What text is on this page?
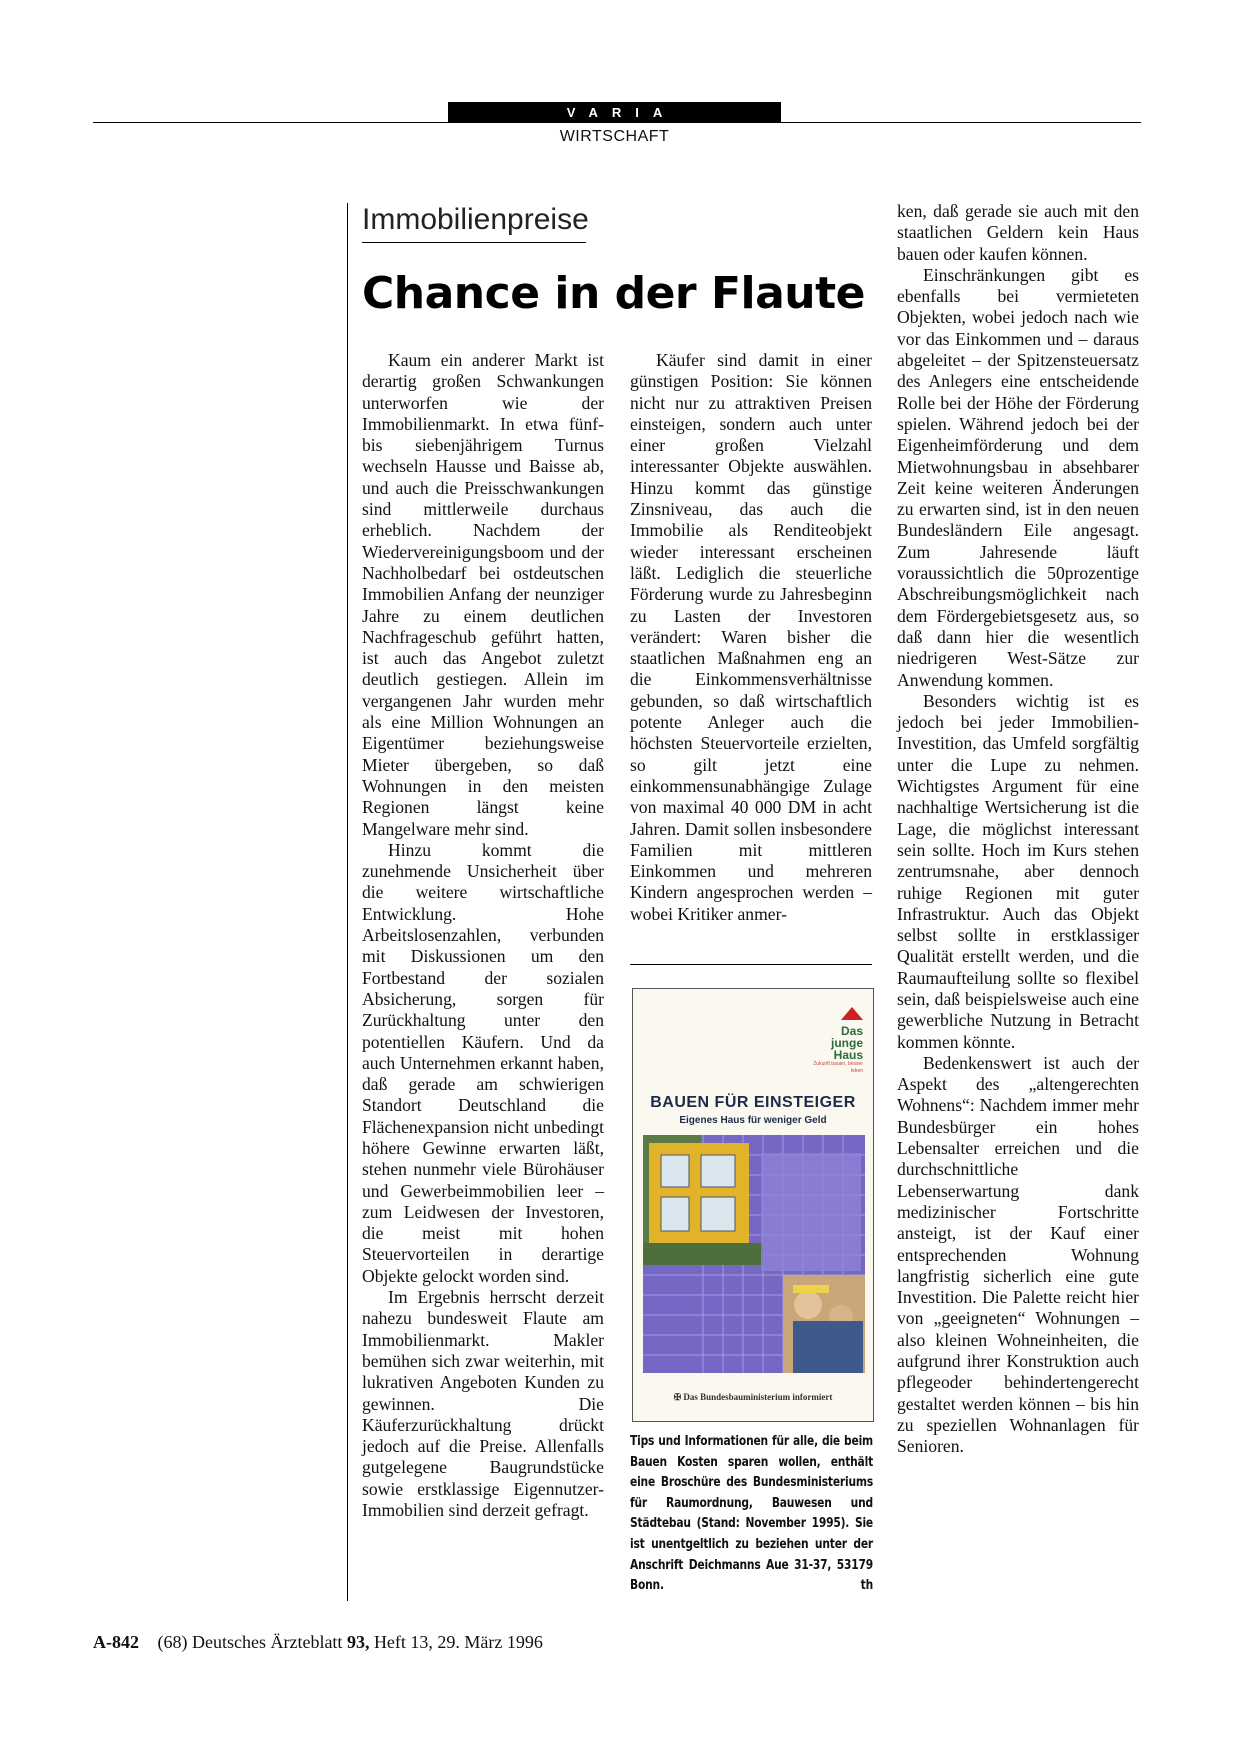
VARIA
WIRTSCHAFT
Immobilienpreise
Chance in der Flaute

Kaum ein anderer Markt ist derartig großen Schwankungen unterworfen wie der Immobilienmarkt. In etwa fünf- bis siebenjährigem Turnus wechseln Hausse und Baisse ab, und auch die Preisschwankungen sind mittlerweile durchaus erheblich. Nachdem der Wiedervereinigungsboom und der Nachholbedarf bei ostdeutschen Immobilien Anfang der neunziger Jahre zu einem deutlichen Nachfrageschub geführt hatten, ist auch das Angebot zuletzt deutlich gestiegen. Allein im vergangenen Jahr wurden mehr als eine Million Wohnungen an Eigentümer beziehungsweise Mieter übergeben, so daß Wohnungen in den meisten Regionen längst keine Mangelware mehr sind.

Hinzu kommt die zunehmende Unsicherheit über die weitere wirtschaftliche Entwicklung. Hohe Arbeitslosenzahlen, verbunden mit Diskussionen um den Fortbestand der sozialen Absicherung, sorgen für Zurückhaltung unter den potentiellen Käufern. Und da auch Unternehmen erkannt haben, daß gerade am schwierigen Standort Deutschland die Flächenexpansion nicht unbedingt höhere Gewinne erwarten läßt, stehen nunmehr viele Bürohäuser und Gewerbeimmobilien leer – zum Leidwesen der Investoren, die meist mit hohen Steuervorteilen in derartige Objekte gelockt worden sind.

Im Ergebnis herrscht derzeit nahezu bundesweit Flaute am Immobilienmarkt. Makler bemühen sich zwar weiterhin, mit lukrativen Angeboten Kunden zu gewinnen. Die Käuferzurückhaltung drückt jedoch auf die Preise. Allenfalls gutgelegene Baugrundstücke sowie erstklassige Eigennutzer-Immobilien sind derzeit gefragt.

Käufer sind damit in einer günstigen Position: Sie können nicht nur zu attraktiven Preisen einsteigen, sondern auch unter einer großen Vielzahl interessanter Objekte auswählen. Hinzu kommt das günstige Zinsniveau, das auch die Immobilie als Renditeobjekt wieder interessant erscheinen läßt. Lediglich die steuerliche Förderung wurde zu Jahresbeginn zu Lasten der Investoren verändert: Waren bisher die staatlichen Maßnahmen eng an die Einkommensverhältnisse gebunden, so daß wirtschaftlich potente Anleger auch die höchsten Steuervorteile erzielten, so gilt jetzt eine einkommensunabhängige Zulage von maximal 40 000 DM in acht Jahren. Damit sollen insbesondere Familien mit mittleren Einkommen und mehreren Kindern angesprochen werden – wobei Kritiker anmer-

Das
junge Haus
Zukunft bauen, besser leben
BAUEN FÜR EINSTEIGER
Eigenes Haus für weniger Geld
✠ Das Bundesbauministerium informiert
Tips und Informationen für alle, die beim Bauen Kosten sparen wollen, enthält eine Broschüre des Bundesministeriums für Raumordnung, Bauwesen und Städtebau (Stand: November 1995). Sie ist unentgeltlich zu beziehen unter der Anschrift Deichmanns Aue 31-37, 53179 Bonn.	th

ken, daß gerade sie auch mit den staatlichen Geldern kein Haus bauen oder kaufen können.

Einschränkungen gibt es ebenfalls bei vermieteten Objekten, wobei jedoch nach wie vor das Einkommen und – daraus abgeleitet – der Spitzensteuersatz des Anlegers eine entscheidende Rolle bei der Höhe der Förderung spielen. Während jedoch bei der Eigenheimförderung und dem Mietwohnungsbau in absehbarer Zeit keine weiteren Änderungen zu erwarten sind, ist in den neuen Bundesländern Eile angesagt. Zum Jahresende läuft voraussichtlich die 50prozentige Abschreibungsmöglichkeit nach dem Fördergebietsgesetz aus, so daß dann hier die wesentlich niedrigeren West-Sätze zur Anwendung kommen.

Besonders wichtig ist es jedoch bei jeder Immobilien-Investition, das Umfeld sorgfältig unter die Lupe zu nehmen. Wichtigstes Argument für eine nachhaltige Wertsicherung ist die Lage, die möglichst interessant sein sollte. Hoch im Kurs stehen zentrumsnahe, aber dennoch ruhige Regionen mit guter Infrastruktur. Auch das Objekt selbst sollte in erstklassiger Qualität erstellt werden, und die Raumaufteilung sollte so flexibel sein, daß beispielsweise auch eine gewerbliche Nutzung in Betracht kommen könnte.

Bedenkenswert ist auch der Aspekt des „altengerechten Wohnens“: Nachdem immer mehr Bundesbürger ein hohes Lebensalter erreichen und die durchschnittliche Lebenserwartung dank medizinischer Fortschritte ansteigt, ist der Kauf einer entsprechenden Wohnung langfristig sicherlich eine gute Investition. Die Palette reicht hier von „geeigneten“ Wohnungen – also kleinen Wohneinheiten, die aufgrund ihrer Konstruktion auch pflegeoder behindertengerecht gestaltet werden können – bis hin zu speziellen Wohnanlagen für Senioren.

A-842 (68) Deutsches Ärzteblatt 93, Heft 13, 29. März 1996
